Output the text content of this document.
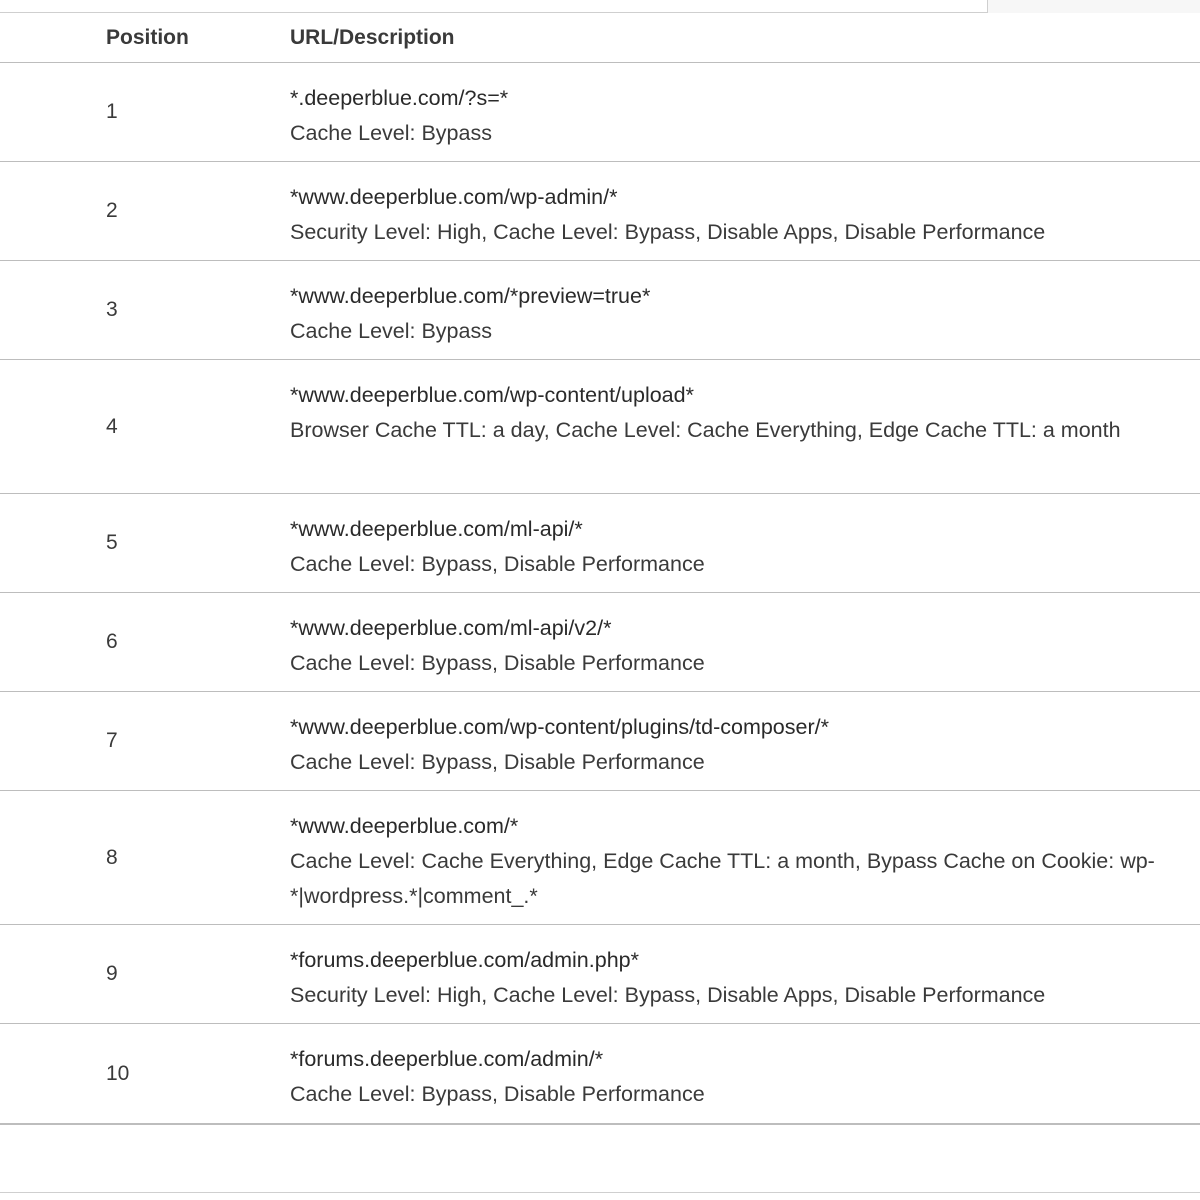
Position	URL/Description
1
*.deeperblue.com/?s=*
Cache Level: Bypass
2
*www.deeperblue.com/wp-admin/*
Security Level: High, Cache Level: Bypass, Disable Apps, Disable Performance
3
*www.deeperblue.com/*preview=true*
Cache Level: Bypass
4
*www.deeperblue.com/wp-content/upload*
Browser Cache TTL: a day, Cache Level: Cache Everything, Edge Cache TTL: a month
5
*www.deeperblue.com/ml-api/*
Cache Level: Bypass, Disable Performance
6
*www.deeperblue.com/ml-api/v2/*
Cache Level: Bypass, Disable Performance
7
*www.deeperblue.com/wp-content/plugins/td-composer/*
Cache Level: Bypass, Disable Performance
8
*www.deeperblue.com/*
Cache Level: Cache Everything, Edge Cache TTL: a month, Bypass Cache on Cookie: wp-*|wordpress.*|comment_.*
9
*forums.deeperblue.com/admin.php*
Security Level: High, Cache Level: Bypass, Disable Apps, Disable Performance
10
*forums.deeperblue.com/admin/*
Cache Level: Bypass, Disable Performance
